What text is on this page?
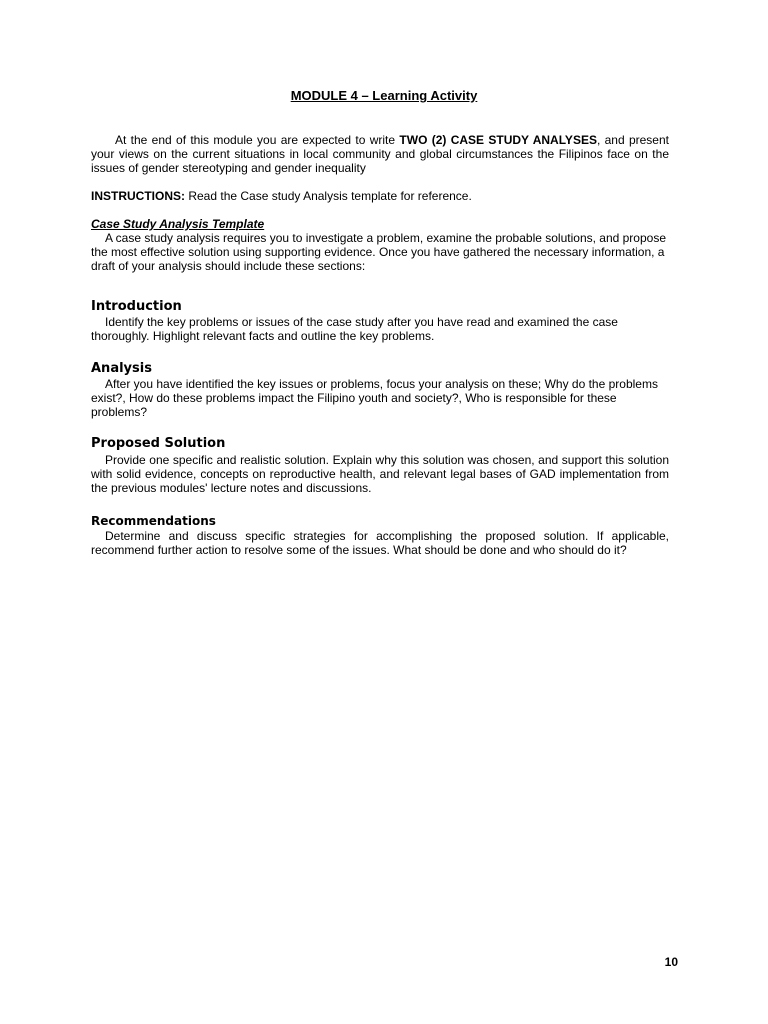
MODULE 4 – Learning Activity
At the end of this module you are expected to write TWO (2) CASE STUDY ANALYSES, and present your views on the current situations in local community and global circumstances the Filipinos face on the issues of gender stereotyping and gender inequality
INSTRUCTIONS: Read the Case study Analysis template for reference.
Case Study Analysis Template
A case study analysis requires you to investigate a problem, examine the probable solutions, and propose the most effective solution using supporting evidence. Once you have gathered the necessary information, a draft of your analysis should include these sections:
Introduction
Identify the key problems or issues of the case study after you have read and examined the case thoroughly. Highlight relevant facts and outline the key problems.
Analysis
After you have identified the key issues or problems, focus your analysis on these; Why do the problems exist?, How do these problems impact the Filipino youth and society?, Who is responsible for these problems?
Proposed Solution
Provide one specific and realistic solution. Explain why this solution was chosen, and support this solution with solid evidence, concepts on reproductive health, and relevant legal bases of GAD implementation from the previous modules' lecture notes and discussions.
Recommendations
Determine and discuss specific strategies for accomplishing the proposed solution. If applicable, recommend further action to resolve some of the issues. What should be done and who should do it?
10
